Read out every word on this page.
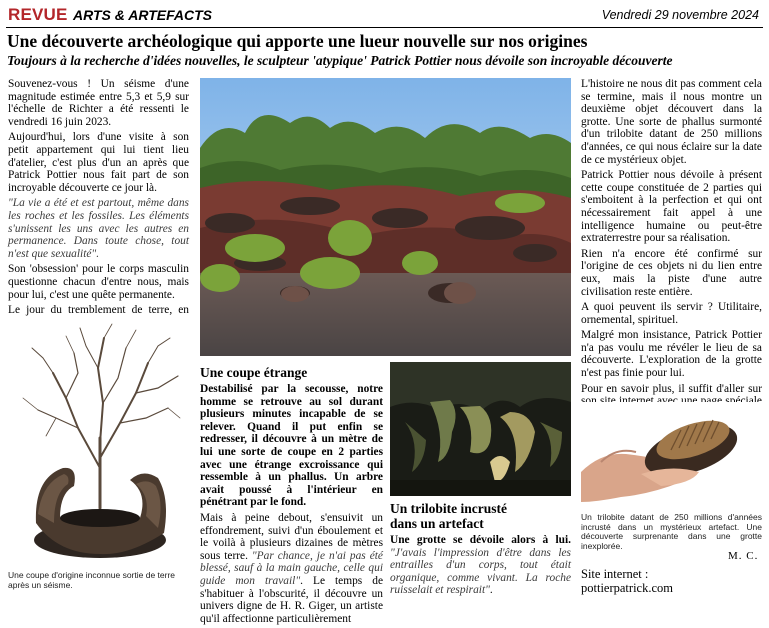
REVUE ARTS & ARTEFACTS	Vendredi 29 novembre 2024
Une découverte archéologique qui apporte une lueur nouvelle sur nos origines
Toujours à la recherche d'idées nouvelles, le sculpteur 'atypique' Patrick Pottier nous dévoile son incroyable découverte

Souvenez-vous ! Un séisme d'une magnitude estimée entre 5,3 et 5,9 sur l'échelle de Richter a été ressenti le vendredi 16 juin 2023.

Aujourd'hui, lors d'une visite à son petit appartement qui lui tient lieu d'atelier, c'est plus d'un an après que Patrick Pottier nous fait part de son incroyable découverte ce jour là.

"La vie a été et est partout, même dans les roches et les fossiles. Les éléments s'unissent les uns avec les autres en permanence. Dans toute chose, tout n'est que sexualité".

Son 'obsession' pour le corps masculin questionne chacun d'entre nous, mais pour lui, c'est une quête permanente.

Le jour du tremblement de terre, en

Une coupe d'origine inconnue sortie de terre après un séisme.
Une coupe étrange

Destabilisé par la secousse, notre homme se retrouve au sol durant plusieurs minutes incapable de se relever. Quand il put enfin se redresser, il découvre à un mètre de lui une sorte de coupe en 2 parties avec une étrange excroissance qui ressemble à un phallus. Un arbre avait poussé à l'intérieur en pénétrant par le fond.

Mais à peine debout, s'ensuivit un effondrement, suivi d'un éboulement et le voilà à plusieurs dizaines de mètres sous terre. "Par chance, je n'ai pas été blessé, sauf à la main gauche, celle qui guide mon travail". Le temps de s'habituer à l'obscurité, il découvre un univers digne de H. R. Giger, un artiste qu'il affectionne particulièrement

Un trilobite incrusté
dans un artefact

Une grotte se dévoile alors à lui. "J'avais l'impression d'être dans les entrailles d'un corps, tout était organique, comme vivant. La roche ruisselait et respirait".

L'histoire ne nous dit pas comment cela se termine, mais il nous montre un deuxième objet découvert dans la grotte. Une sorte de phallus surmonté d'un trilobite datant de 250 millions d'années, ce qui nous éclaire sur la date de ce mystérieux objet.

Patrick Pottier nous dévoile à présent cette coupe constituée de 2 parties qui s'emboitent à la perfection et qui ont nécessairement fait appel à une intelligence humaine ou peut-être extraterrestre pour sa réalisation.

Rien n'a encore été confirmé sur l'origine de ces objets ni du lien entre eux, mais la piste d'une autre civilisation reste entière.

A quoi peuvent ils servir ? Utilitaire, ornemental, spirituel.

Malgré mon insistance, Patrick Pottier n'a pas voulu me révéler le lieu de sa découverte. L'exploration de la grotte n'est pas finie pour lui.

Pour en savoir plus, il suffit d'aller sur

Un trilobite datant de 250 millions d'années incrusté dans un mystérieux artefact. Une découverte surprenante dans une grotte inexplorée.
M. C.
Site internet :
pottierpatrick.com
